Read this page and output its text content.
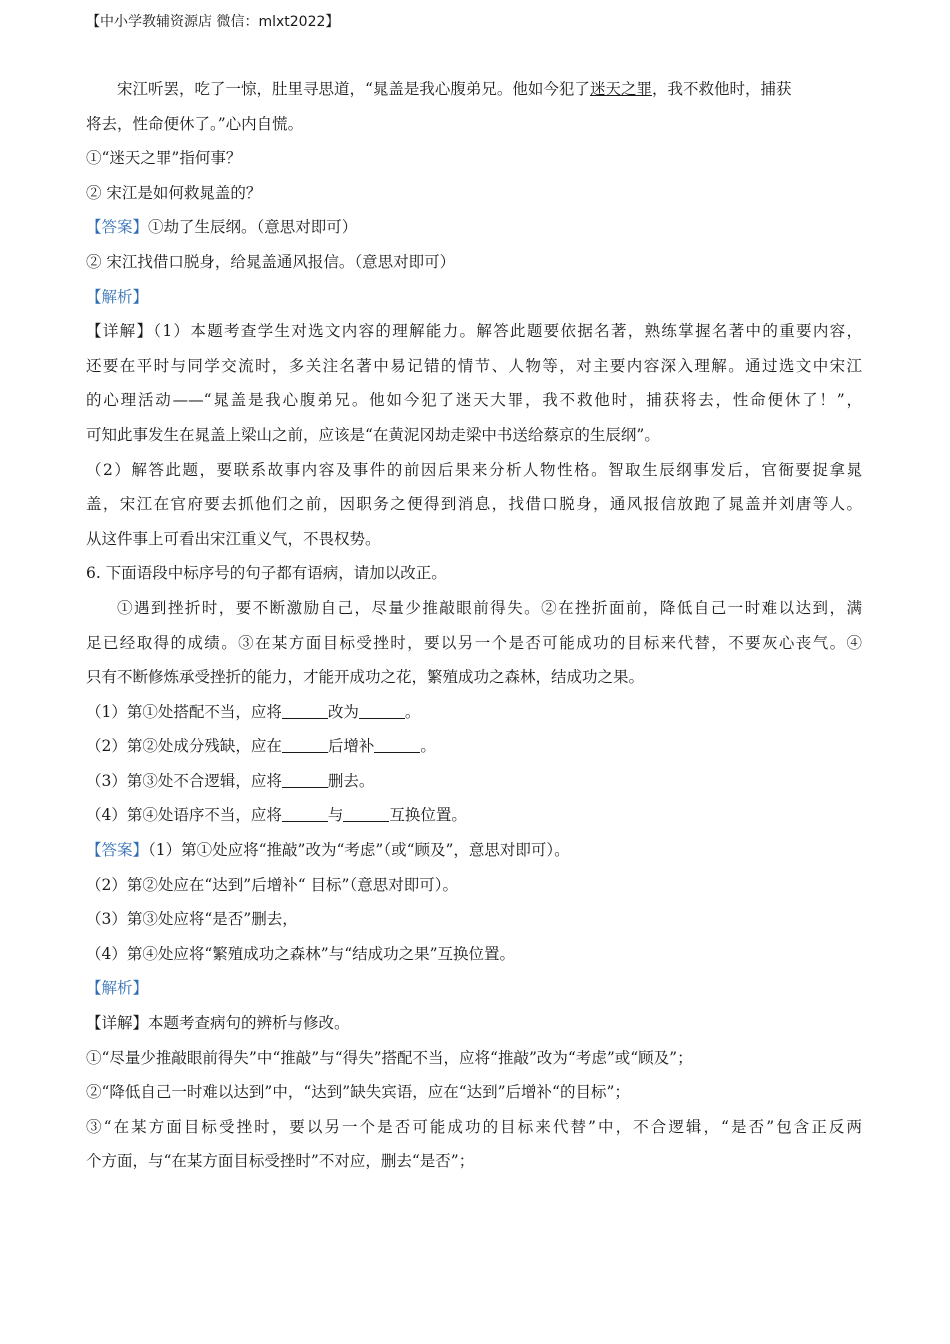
【中小学教辅资源店 微信：mlxt2022】
宋江听罢，吃了一惊，肚里寻思道，“晁盖是我心腹弟兄。他如今犯了迷天之罪，我不救他时，捕获
将去，性命便休了。”心内自慌。
①“迷天之罪”指何事？
② 宋江是如何救晁盖的？
【答案】①劫了生辰纲。（意思对即可）
② 宋江找借口脱身，给晁盖通风报信。（意思对即可）
【解析】
【详解】（1）本题考查学生对选文内容的理解能力。解答此题要依据名著，熟练掌握名著中的重要内容，
还要在平时与同学交流时，多关注名著中易记错的情节、人物等，对主要内容深入理解。通过选文中宋江
的心理活动——“晁盖是我心腹弟兄。他如今犯了迷天大罪，我不救他时，捕获将去，性命便休了！”，
可知此事发生在晁盖上梁山之前，应该是“在黄泥冈劫走梁中书送给蔡京的生辰纲”。
（2）解答此题，要联系故事内容及事件的前因后果来分析人物性格。智取生辰纲事发后，官衙要捉拿晁
盖，宋江在官府要去抓他们之前，因职务之便得到消息，找借口脱身，通风报信放跑了晁盖并刘唐等人。
从这件事上可看出宋江重义气，不畏权势。
6. 下面语段中标序号的句子都有语病，请加以改正。
①遇到挫折时，要不断激励自己，尽量少推敲眼前得失。②在挫折面前，降低自己一时难以达到，满
足已经取得的成绩。③在某方面目标受挫时，要以另一个是否可能成功的目标来代替，不要灰心丧气。④
只有不断修炼承受挫折的能力，才能开成功之花，繁殖成功之森林，结成功之果。
（1）第①处搭配不当，应将	改为	。
（2）第②处成分残缺，应在	后增补	。
（3）第③处不合逻辑，应将	删去。
（4）第④处语序不当，应将	与	互换位置。
【答案】（1）第①处应将“推敲”改为“考虑”（或“顾及”，意思对即可）。
（2）第②处应在“达到”后增补“ 目标”（意思对即可）。
（3）第③处应将“是否”删去，
（4）第④处应将“繁殖成功之森林”与“结成功之果”互换位置。
【解析】
【详解】本题考查病句的辨析与修改。
①“尽量少推敲眼前得失”中“推敲”与“得失”搭配不当，应将“推敲”改为“考虑”或“顾及”；
②“降低自己一时难以达到”中，“达到”缺失宾语，应在“达到”后增补“的目标”；
③“在某方面目标受挫时，要以另一个是否可能成功的目标来代替”中，不合逻辑，“是否”包含正反两
个方面，与“在某方面目标受挫时”不对应，删去“是否”；
